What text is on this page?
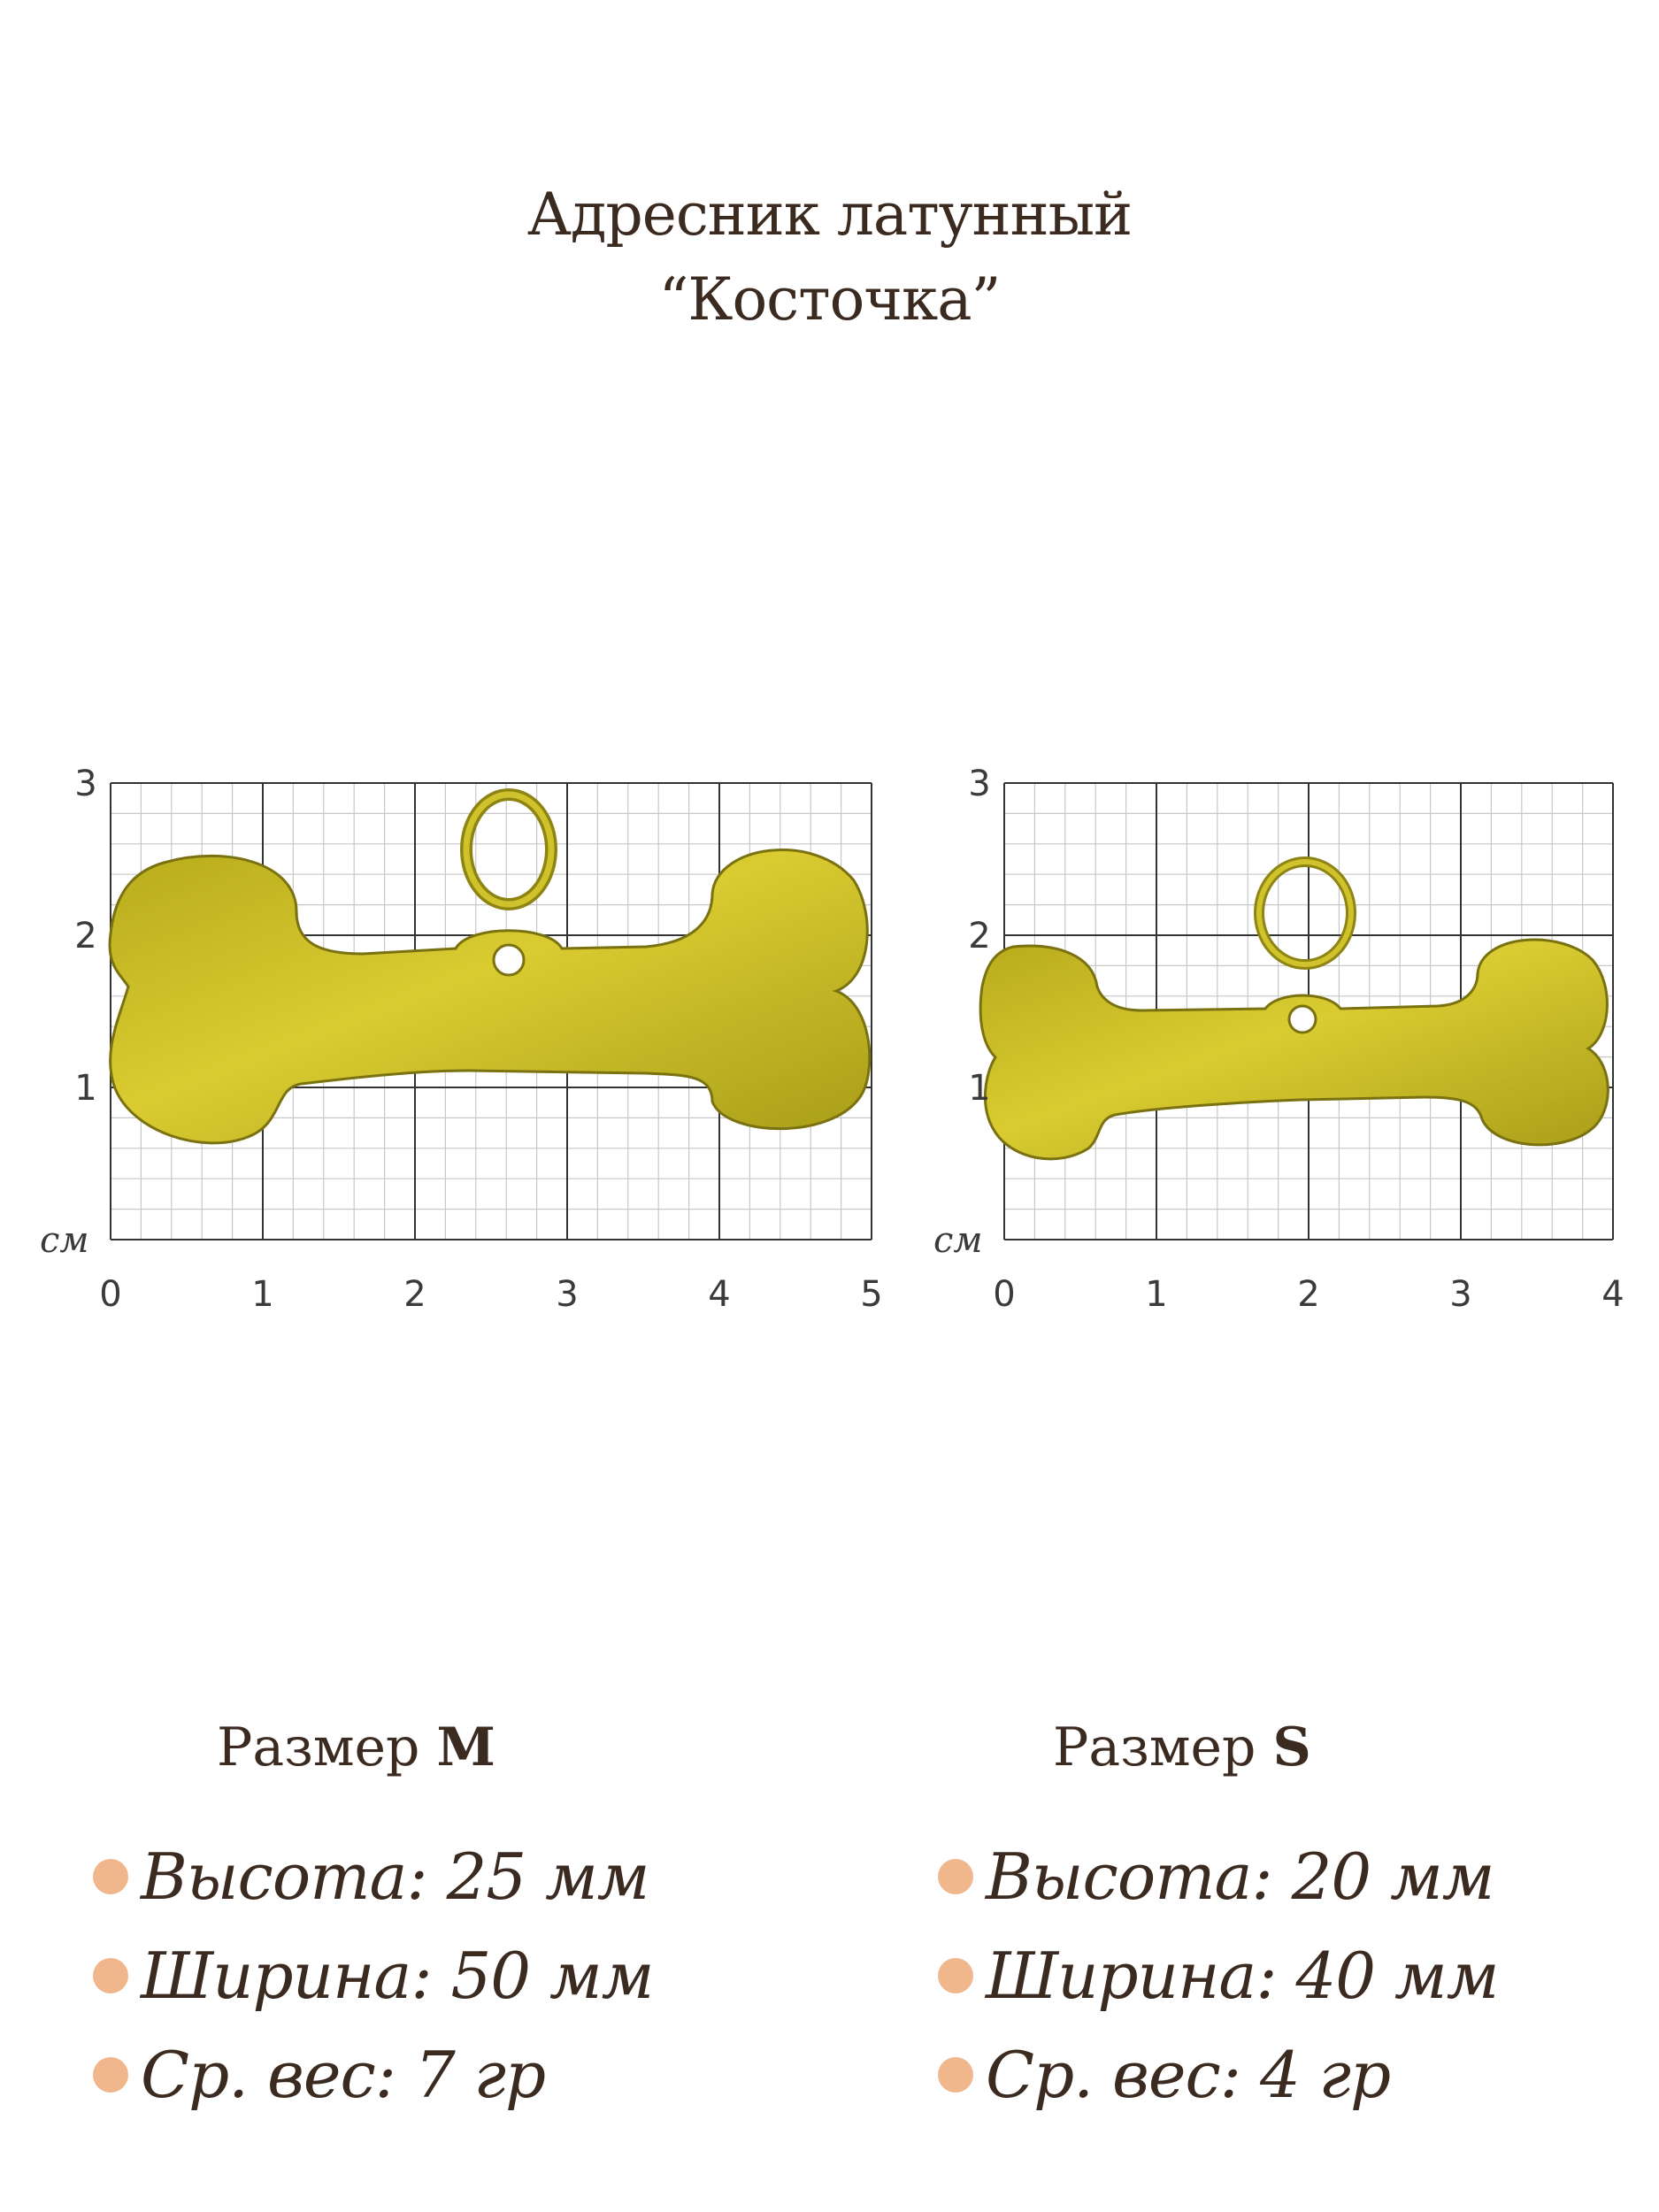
Адресник латунный
“Косточка”
0	1	2	3	4	5
1
2
3
см
0	1	2	3	4
1
2
3
см
Размер M	Размер S
Высота: 25 мм
Ширина: 50 мм
Ср. вес: 7 гр
Высота: 20 мм
Ширина: 40 мм
Ср. вес: 4 гр
